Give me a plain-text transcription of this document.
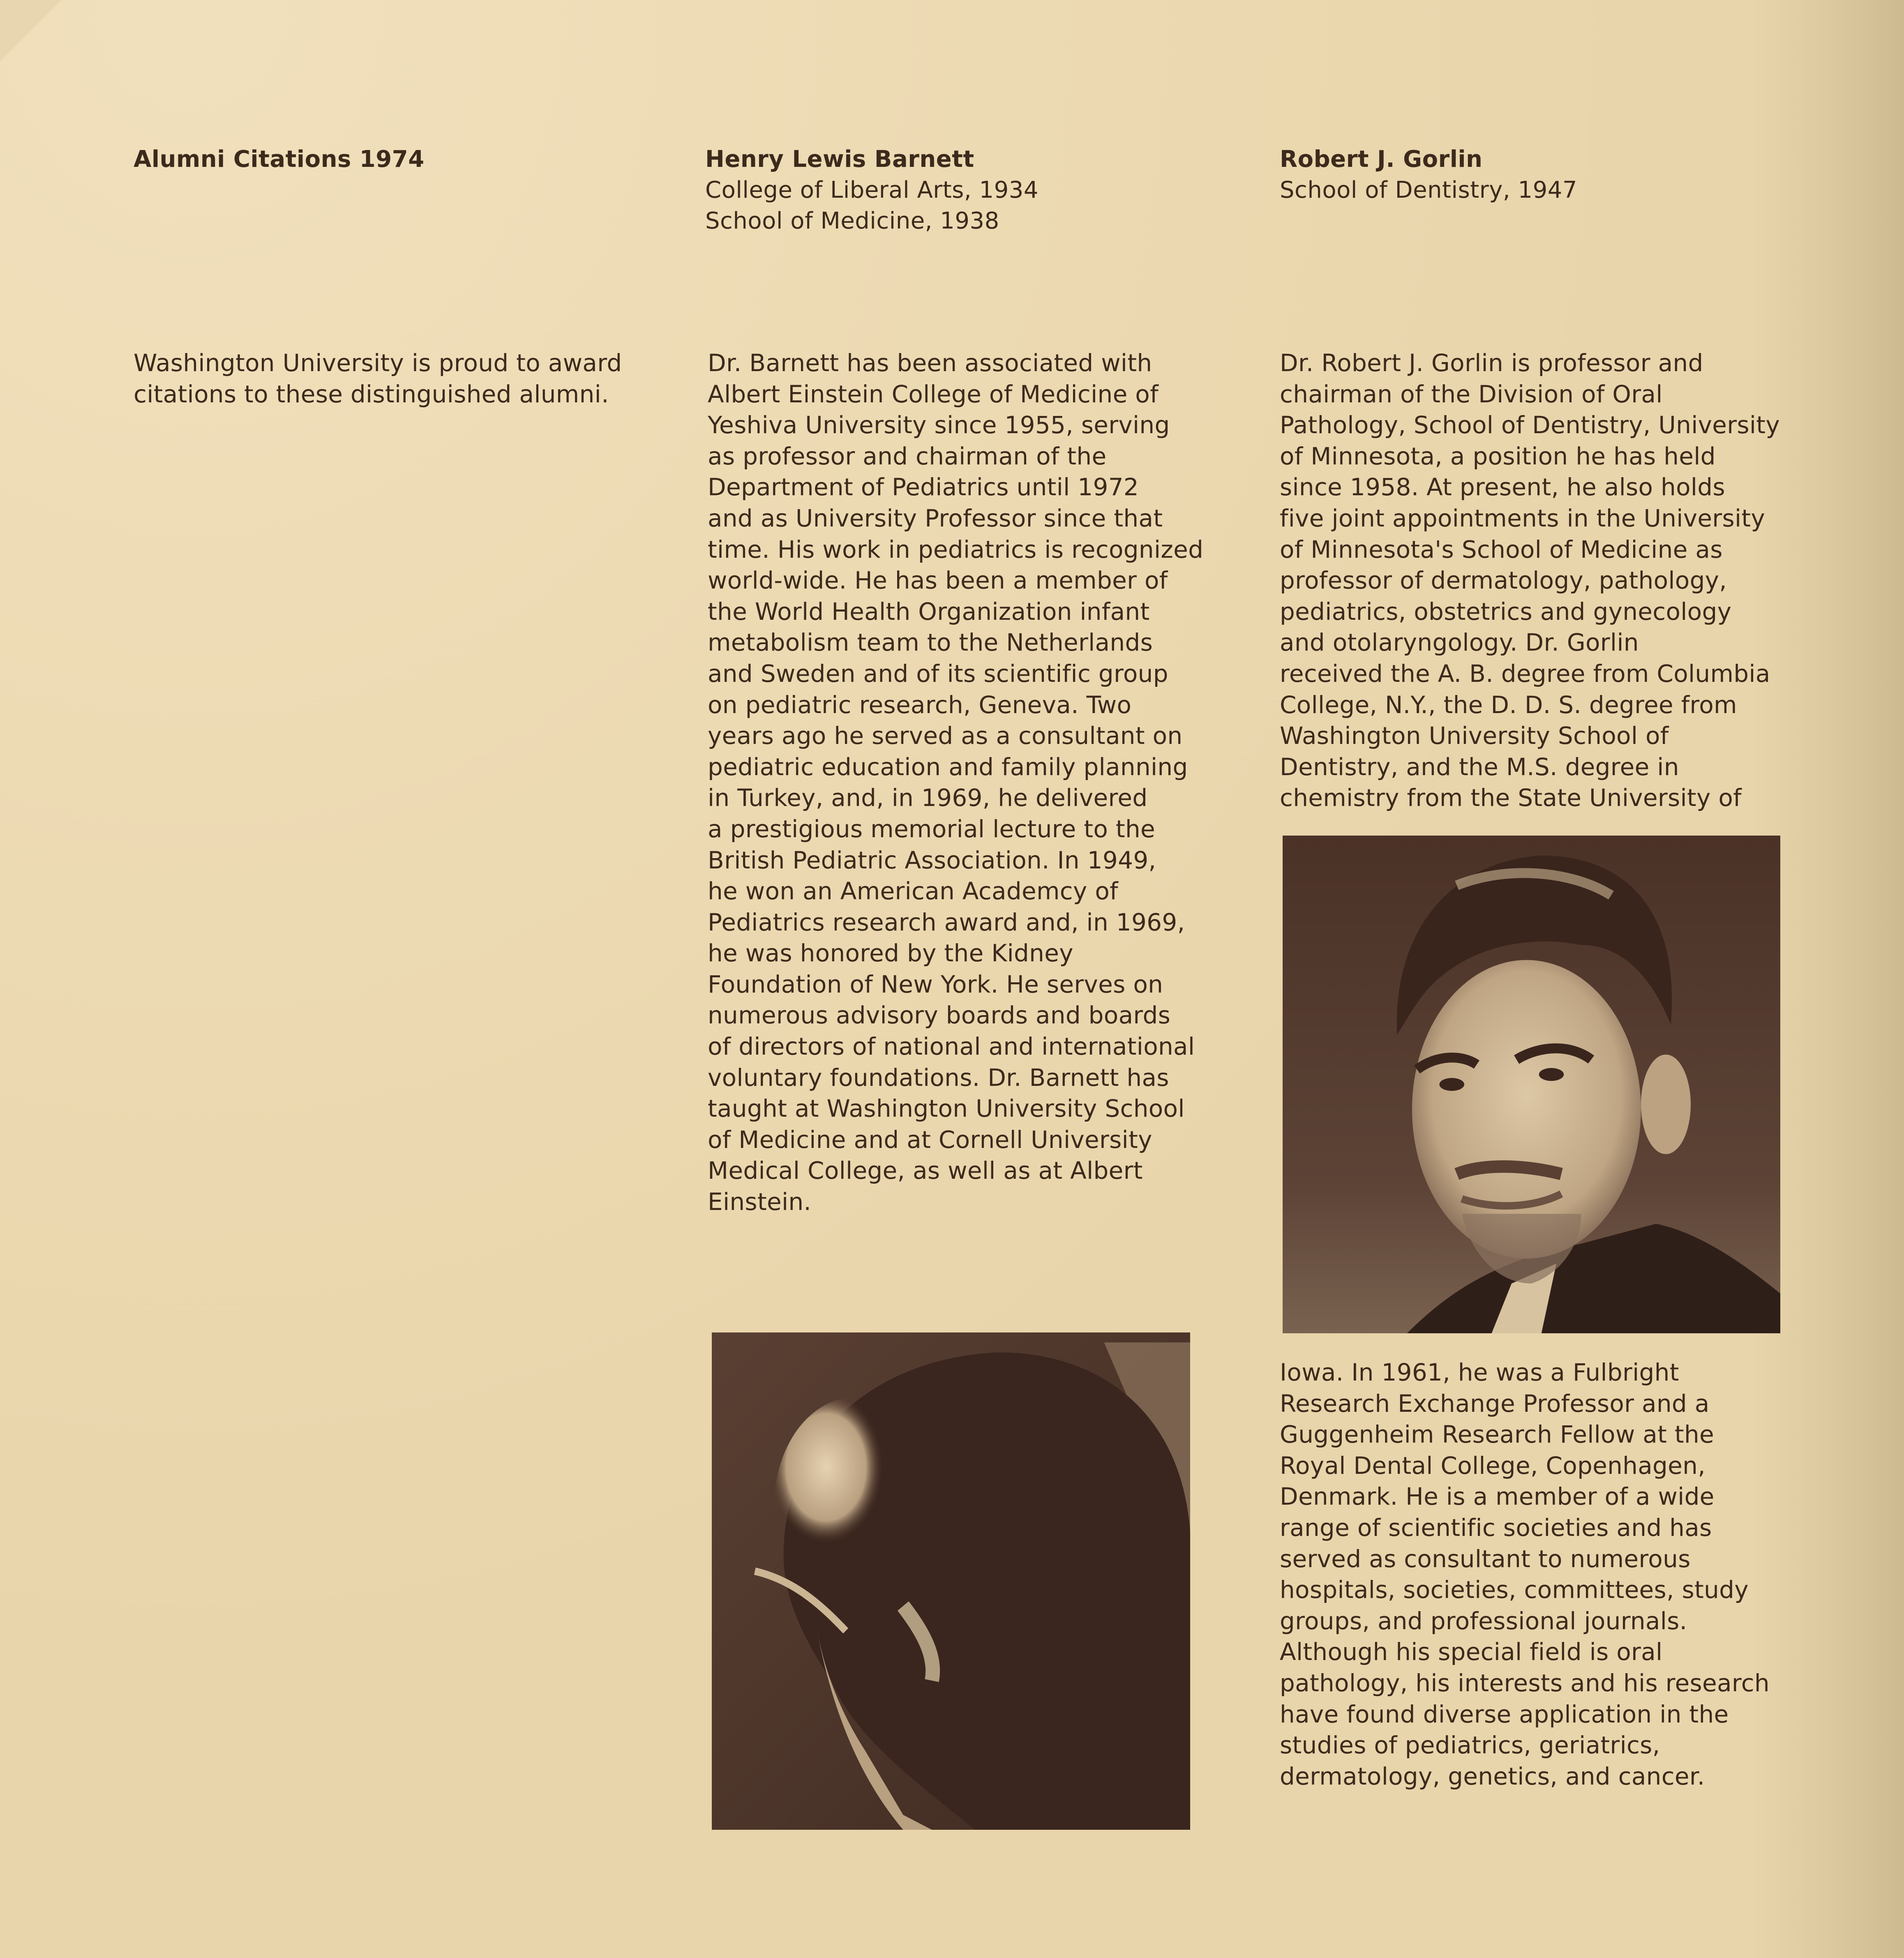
Alumni Citations 1974
Washington University is proud to award
citations to these distinguished alumni.
Henry Lewis Barnett
College of Liberal Arts, 1934
School of Medicine, 1938
Dr. Barnett has been associated with
Albert Einstein College of Medicine of
Yeshiva University since 1955, serving
as professor and chairman of the
Department of Pediatrics until 1972
and as University Professor since that
time. His work in pediatrics is recognized
world-wide. He has been a member of
the World Health Organization infant
metabolism team to the Netherlands
and Sweden and of its scientific group
on pediatric research, Geneva. Two
years ago he served as a consultant on
pediatric education and family planning
in Turkey, and, in 1969, he delivered
a prestigious memorial lecture to the
British Pediatric Association. In 1949,
he won an American Academcy of
Pediatrics research award and, in 1969,
he was honored by the Kidney
Foundation of New York. He serves on
numerous advisory boards and boards
of directors of national and international
voluntary foundations. Dr. Barnett has
taught at Washington University School
of Medicine and at Cornell University
Medical College, as well as at Albert
Einstein.
Robert J. Gorlin
School of Dentistry, 1947
Dr. Robert J. Gorlin is professor and
chairman of the Division of Oral
Pathology, School of Dentistry, University
of Minnesota, a position he has held
since 1958. At present, he also holds
five joint appointments in the University
of Minnesota's School of Medicine as
professor of dermatology, pathology,
pediatrics, obstetrics and gynecology
and otolaryngology. Dr. Gorlin
received the A. B. degree from Columbia
College, N.Y., the D. D. S. degree from
Washington University School of
Dentistry, and the M.S. degree in
chemistry from the State University of
Iowa. In 1961, he was a Fulbright
Research Exchange Professor and a
Guggenheim Research Fellow at the
Royal Dental College, Copenhagen,
Denmark. He is a member of a wide
range of scientific societies and has
served as consultant to numerous
hospitals, societies, committees, study
groups, and professional journals.
Although his special field is oral
pathology, his interests and his research
have found diverse application in the
studies of pediatrics, geriatrics,
dermatology, genetics, and cancer.
